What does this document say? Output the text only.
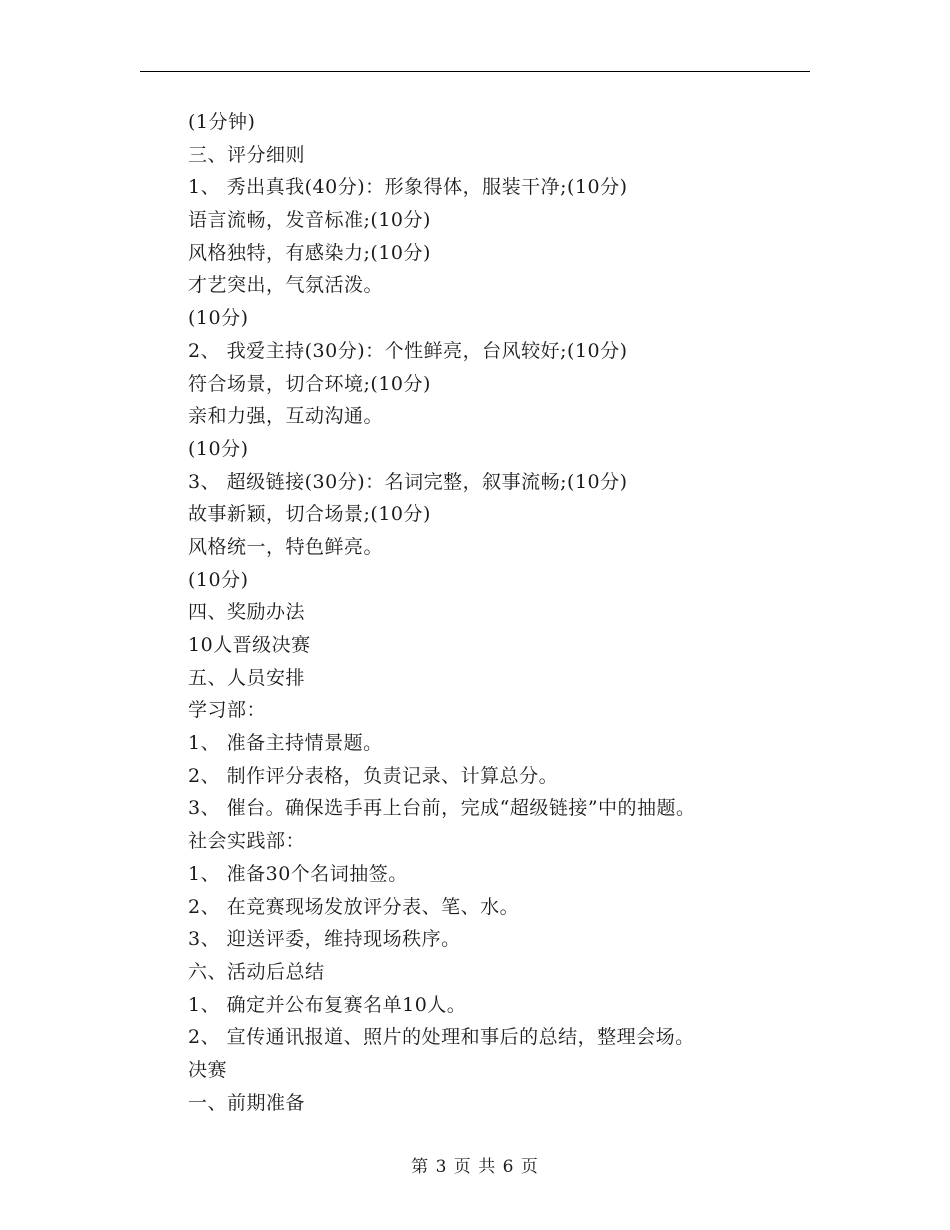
(1分钟)
三、评分细则
1、 秀出真我(40分)：形象得体，服装干净;(10分)
语言流畅，发音标准;(10分)
风格独特，有感染力;(10分)
才艺突出，气氛活泼。
(10分)
2、 我爱主持(30分)：个性鲜亮，台风较好;(10分)
符合场景，切合环境;(10分)
亲和力强，互动沟通。
(10分)
3、 超级链接(30分)：名词完整，叙事流畅;(10分)
故事新颖，切合场景;(10分)
风格统一，特色鲜亮。
(10分)
四、奖励办法
10人晋级决赛
五、人员安排
学习部：
1、 准备主持情景题。
2、 制作评分表格，负责记录、计算总分。
3、 催台。确保选手再上台前，完成“超级链接”中的抽题。
社会实践部：
1、 准备30个名词抽签。
2、 在竞赛现场发放评分表、笔、水。
3、 迎送评委，维持现场秩序。
六、活动后总结
1、 确定并公布复赛名单10人。
2、 宣传通讯报道、照片的处理和事后的总结，整理会场。
决赛
一、前期准备
第 3 页 共 6 页
